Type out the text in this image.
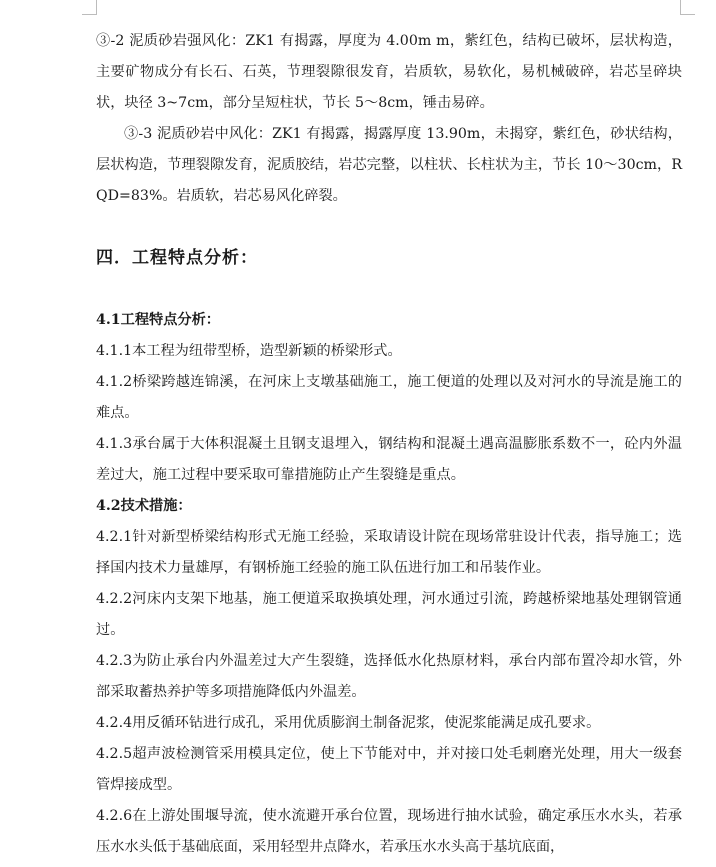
③-2 泥质砂岩强风化：ZK1 有揭露，厚度为 4.00m m，紫红色，结构已破坏，层状构造，主要矿物成分有长石、石英，节理裂隙很发育，岩质软，易软化，易机械破碎，岩芯呈碎块状，块径 3~7cm，部分呈短柱状，节长 5～8cm，锤击易碎。

③-3 泥质砂岩中风化：ZK1 有揭露，揭露厚度 13.90m，未揭穿，紫红色，砂状结构，层状构造，节理裂隙发育，泥质胶结，岩芯完整，以柱状、长柱状为主，节长 10～30cm，RQD=83%。岩质软，岩芯易风化碎裂。

四．工程特点分析：
4.1工程特点分析：

4.1.1本工程为纽带型桥，造型新颖的桥梁形式。

4.1.2桥梁跨越连锦溪，在河床上支墩基础施工，施工便道的处理以及对河水的导流是施工的难点。

4.1.3承台属于大体积混凝土且钢支退埋入，钢结构和混凝土遇高温膨胀系数不一，砼内外温差过大，施工过程中要采取可靠措施防止产生裂缝是重点。

4.2技术措施：

4.2.1针对新型桥梁结构形式无施工经验，采取请设计院在现场常驻设计代表，指导施工；选择国内技术力量雄厚，有钢桥施工经验的施工队伍进行加工和吊装作业。

4.2.2河床内支架下地基，施工便道采取换填处理，河水通过引流，跨越桥梁地基处理钢管通过。

4.2.3为防止承台内外温差过大产生裂缝，选择低水化热原材料，承台内部布置冷却水管，外部采取蓄热养护等多项措施降低内外温差。

4.2.4用反循环钻进行成孔，采用优质膨润土制备泥浆，使泥浆能满足成孔要求。

4.2.5超声波检测管采用模具定位，使上下节能对中，并对接口处毛刺磨光处理，用大一级套管焊接成型。

4.2.6在上游处围堰导流，使水流避开承台位置，现场进行抽水试验，确定承压水水头，若承压水水头低于基础底面，采用轻型井点降水，若承压水水头高于基坑底面，
